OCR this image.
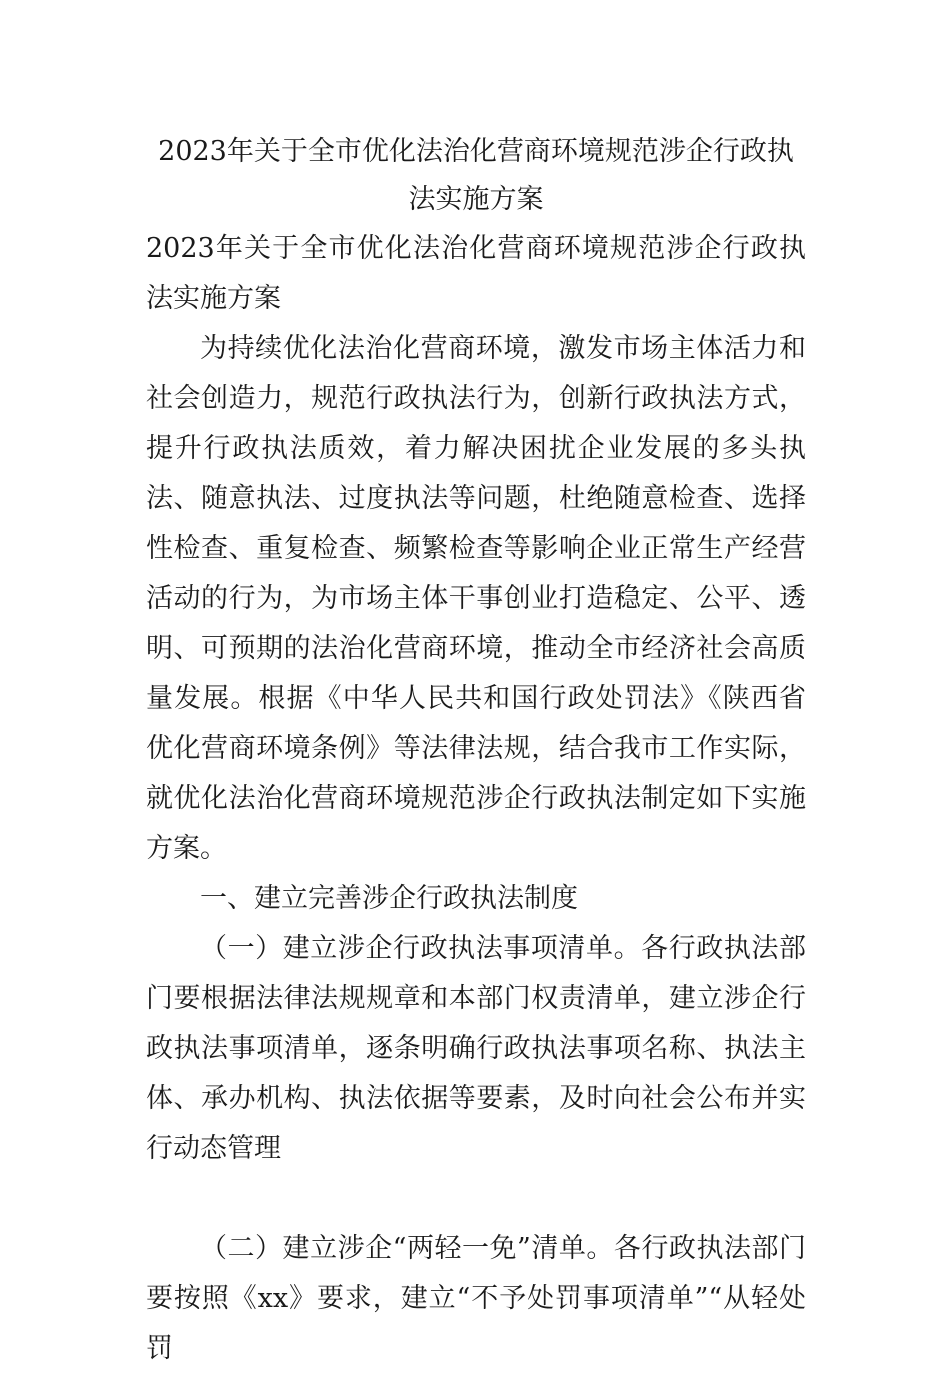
2023年关于全市优化法治化营商环境规范涉企行政执法实施方案

2023年关于全市优化法治化营商环境规范涉企行政执法实施方案

为持续优化法治化营商环境，激发市场主体活力和社会创造力，规范行政执法行为，创新行政执法方式，提升行政执法质效，着力解决困扰企业发展的多头执法、随意执法、过度执法等问题，杜绝随意检查、选择性检查、重复检查、频繁检查等影响企业正常生产经营活动的行为，为市场主体干事创业打造稳定、公平、透明、可预期的法治化营商环境，推动全市经济社会高质量发展。根据《中华人民共和国行政处罚法》《陕西省优化营商环境条例》等法律法规，结合我市工作实际，就优化法治化营商环境规范涉企行政执法制定如下实施方案。

一、建立完善涉企行政执法制度

（一）建立涉企行政执法事项清单。各行政执法部门要根据法律法规规章和本部门权责清单，建立涉企行政执法事项清单，逐条明确行政执法事项名称、执法主体、承办机构、执法依据等要素，及时向社会公布并实行动态管理

（二）建立涉企“两轻一免”清单。各行政执法部门要按照《xx》要求，建立“不予处罚事项清单”“从轻处罚
